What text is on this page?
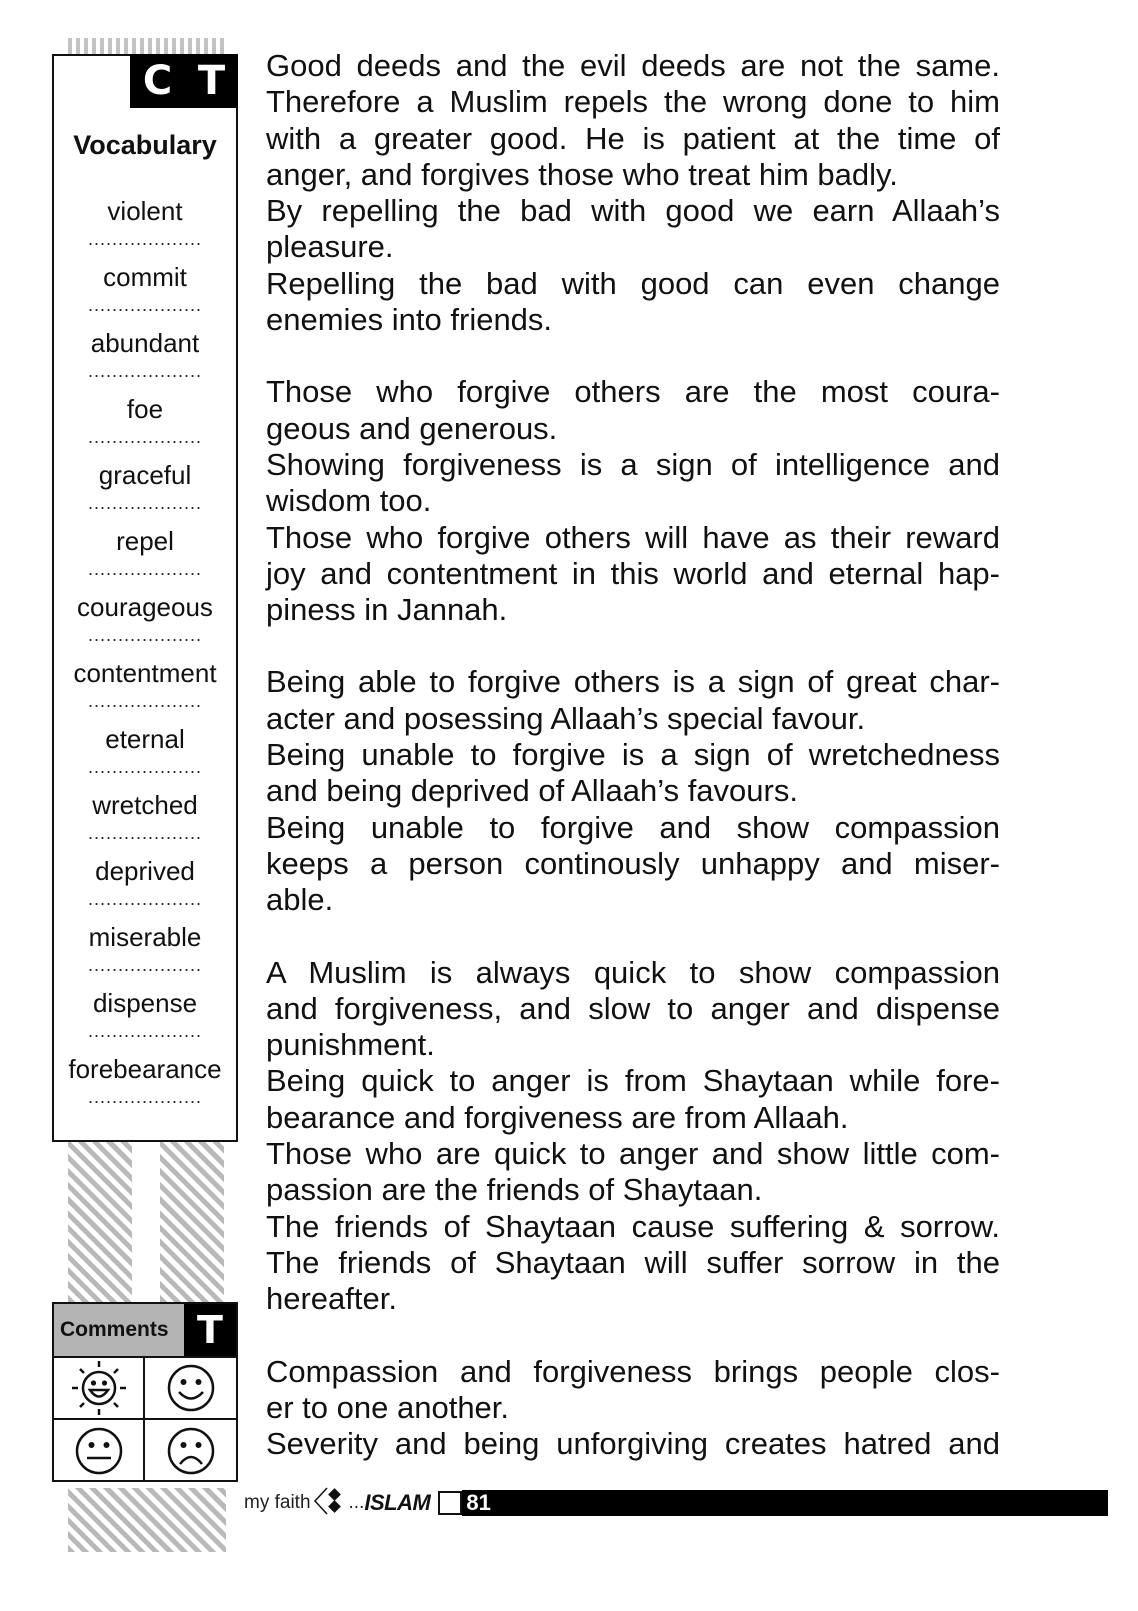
C T
Vocabulary
violent
...................
commit
...................
abundant
...................
foe
...................
graceful
...................
repel
...................
courageous
...................
contentment
...................
eternal
...................
wretched
...................
deprived
...................
miserable
...................
dispense
...................
forebearance
...................
Comments T
Good deeds and the evil deeds are not the same.
Therefore a Muslim repels the wrong done to him
with a greater good. He is patient at the time of
anger, and forgives those who treat him badly.
By repelling the bad with good we earn Allaah’s
pleasure.
Repelling the bad with good can even change
enemies into friends.
Those who forgive others are the most coura-
geous and generous.
Showing forgiveness is a sign of intelligence and
wisdom too.
Those who forgive others will have as their reward
joy and contentment in this world and eternal hap-
piness in Jannah.
Being able to forgive others is a sign of great char-
acter and posessing Allaah’s special favour.
Being unable to forgive is a sign of wretchedness
and being deprived of Allaah’s favours.
Being unable to forgive and show compassion
keeps a person continously unhappy and miser-
able.
A Muslim is always quick to show compassion
and forgiveness, and slow to anger and dispense
punishment.
Being quick to anger is from Shaytaan while fore-
bearance and forgiveness are from Allaah.
Those who are quick to anger and show little com-
passion are the friends of Shaytaan.
The friends of Shaytaan cause suffering & sorrow.
The friends of Shaytaan will suffer sorrow in the
hereafter.
Compassion and forgiveness brings people clos-
er to one another.
Severity and being unforgiving creates hatred and
my faith ... ISLAM 81
